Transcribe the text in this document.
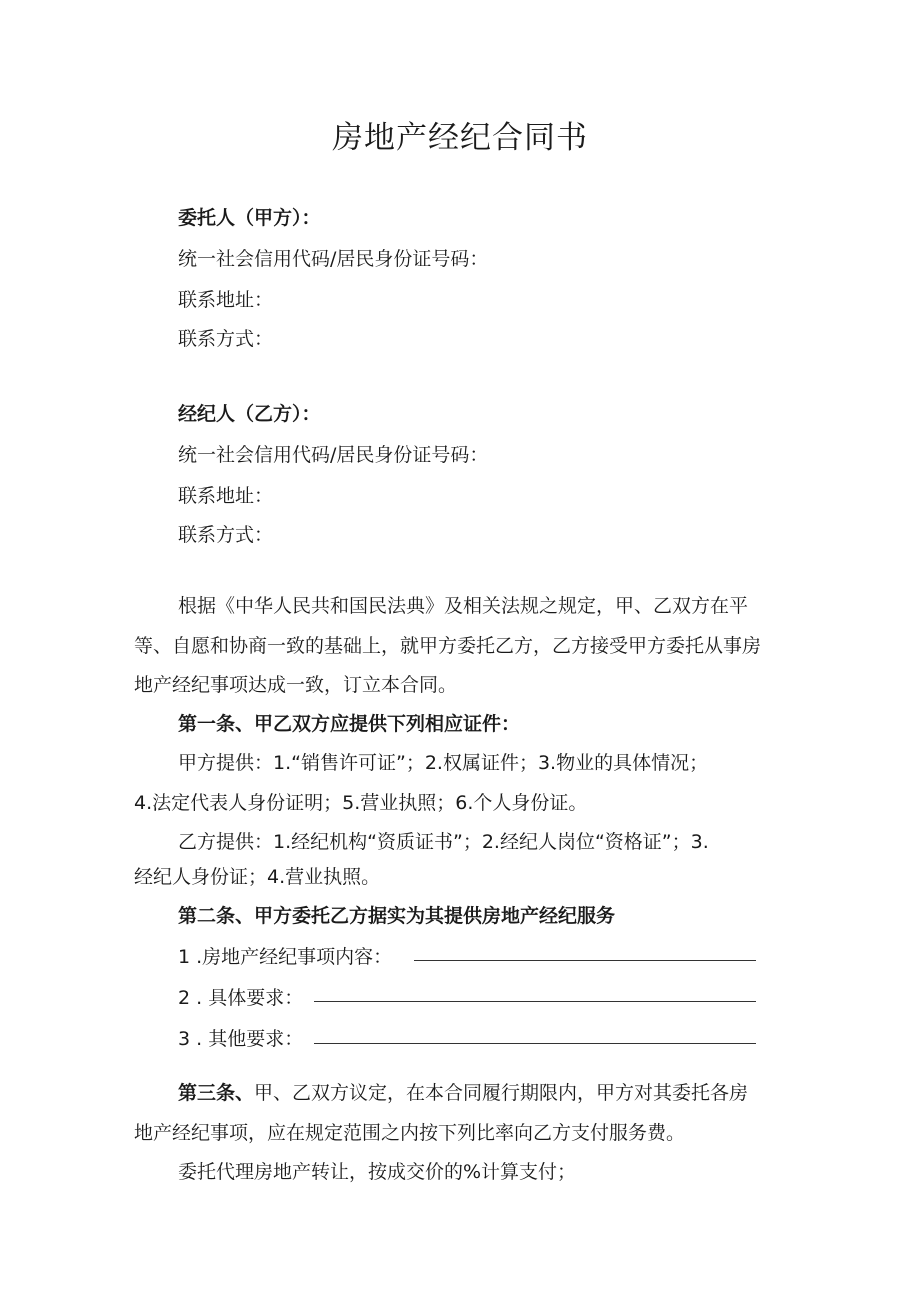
房地产经纪合同书

委托人（甲方）：

统一社会信用代码/居民身份证号码：

联系地址：

联系方式：

经纪人（乙方）：

统一社会信用代码/居民身份证号码：

联系地址：

联系方式：

根据《中华人民共和国民法典》及相关法规之规定，甲、乙双方在平

等、自愿和协商一致的基础上，就甲方委托乙方，乙方接受甲方委托从事房

地产经纪事项达成一致，订立本合同。

第一条、甲乙双方应提供下列相应证件：

甲方提供：1.“销售许可证”；2.权属证件；3.物业的具体情况；

4.法定代表人身份证明；5.营业执照；6.个人身份证。

乙方提供：1.经纪机构“资质证书”；2.经纪人岗位“资格证”；3.

经纪人身份证；4.营业执照。

第二条、甲方委托乙方据实为其提供房地产经纪服务

1 .房地产经纪事项内容：

2 . 具体要求：

3 . 其他要求：

第三条、甲、乙双方议定，在本合同履行期限内，甲方对其委托各房

地产经纪事项，应在规定范围之内按下列比率向乙方支付服务费。

委托代理房地产转让，按成交价的%计算支付；
